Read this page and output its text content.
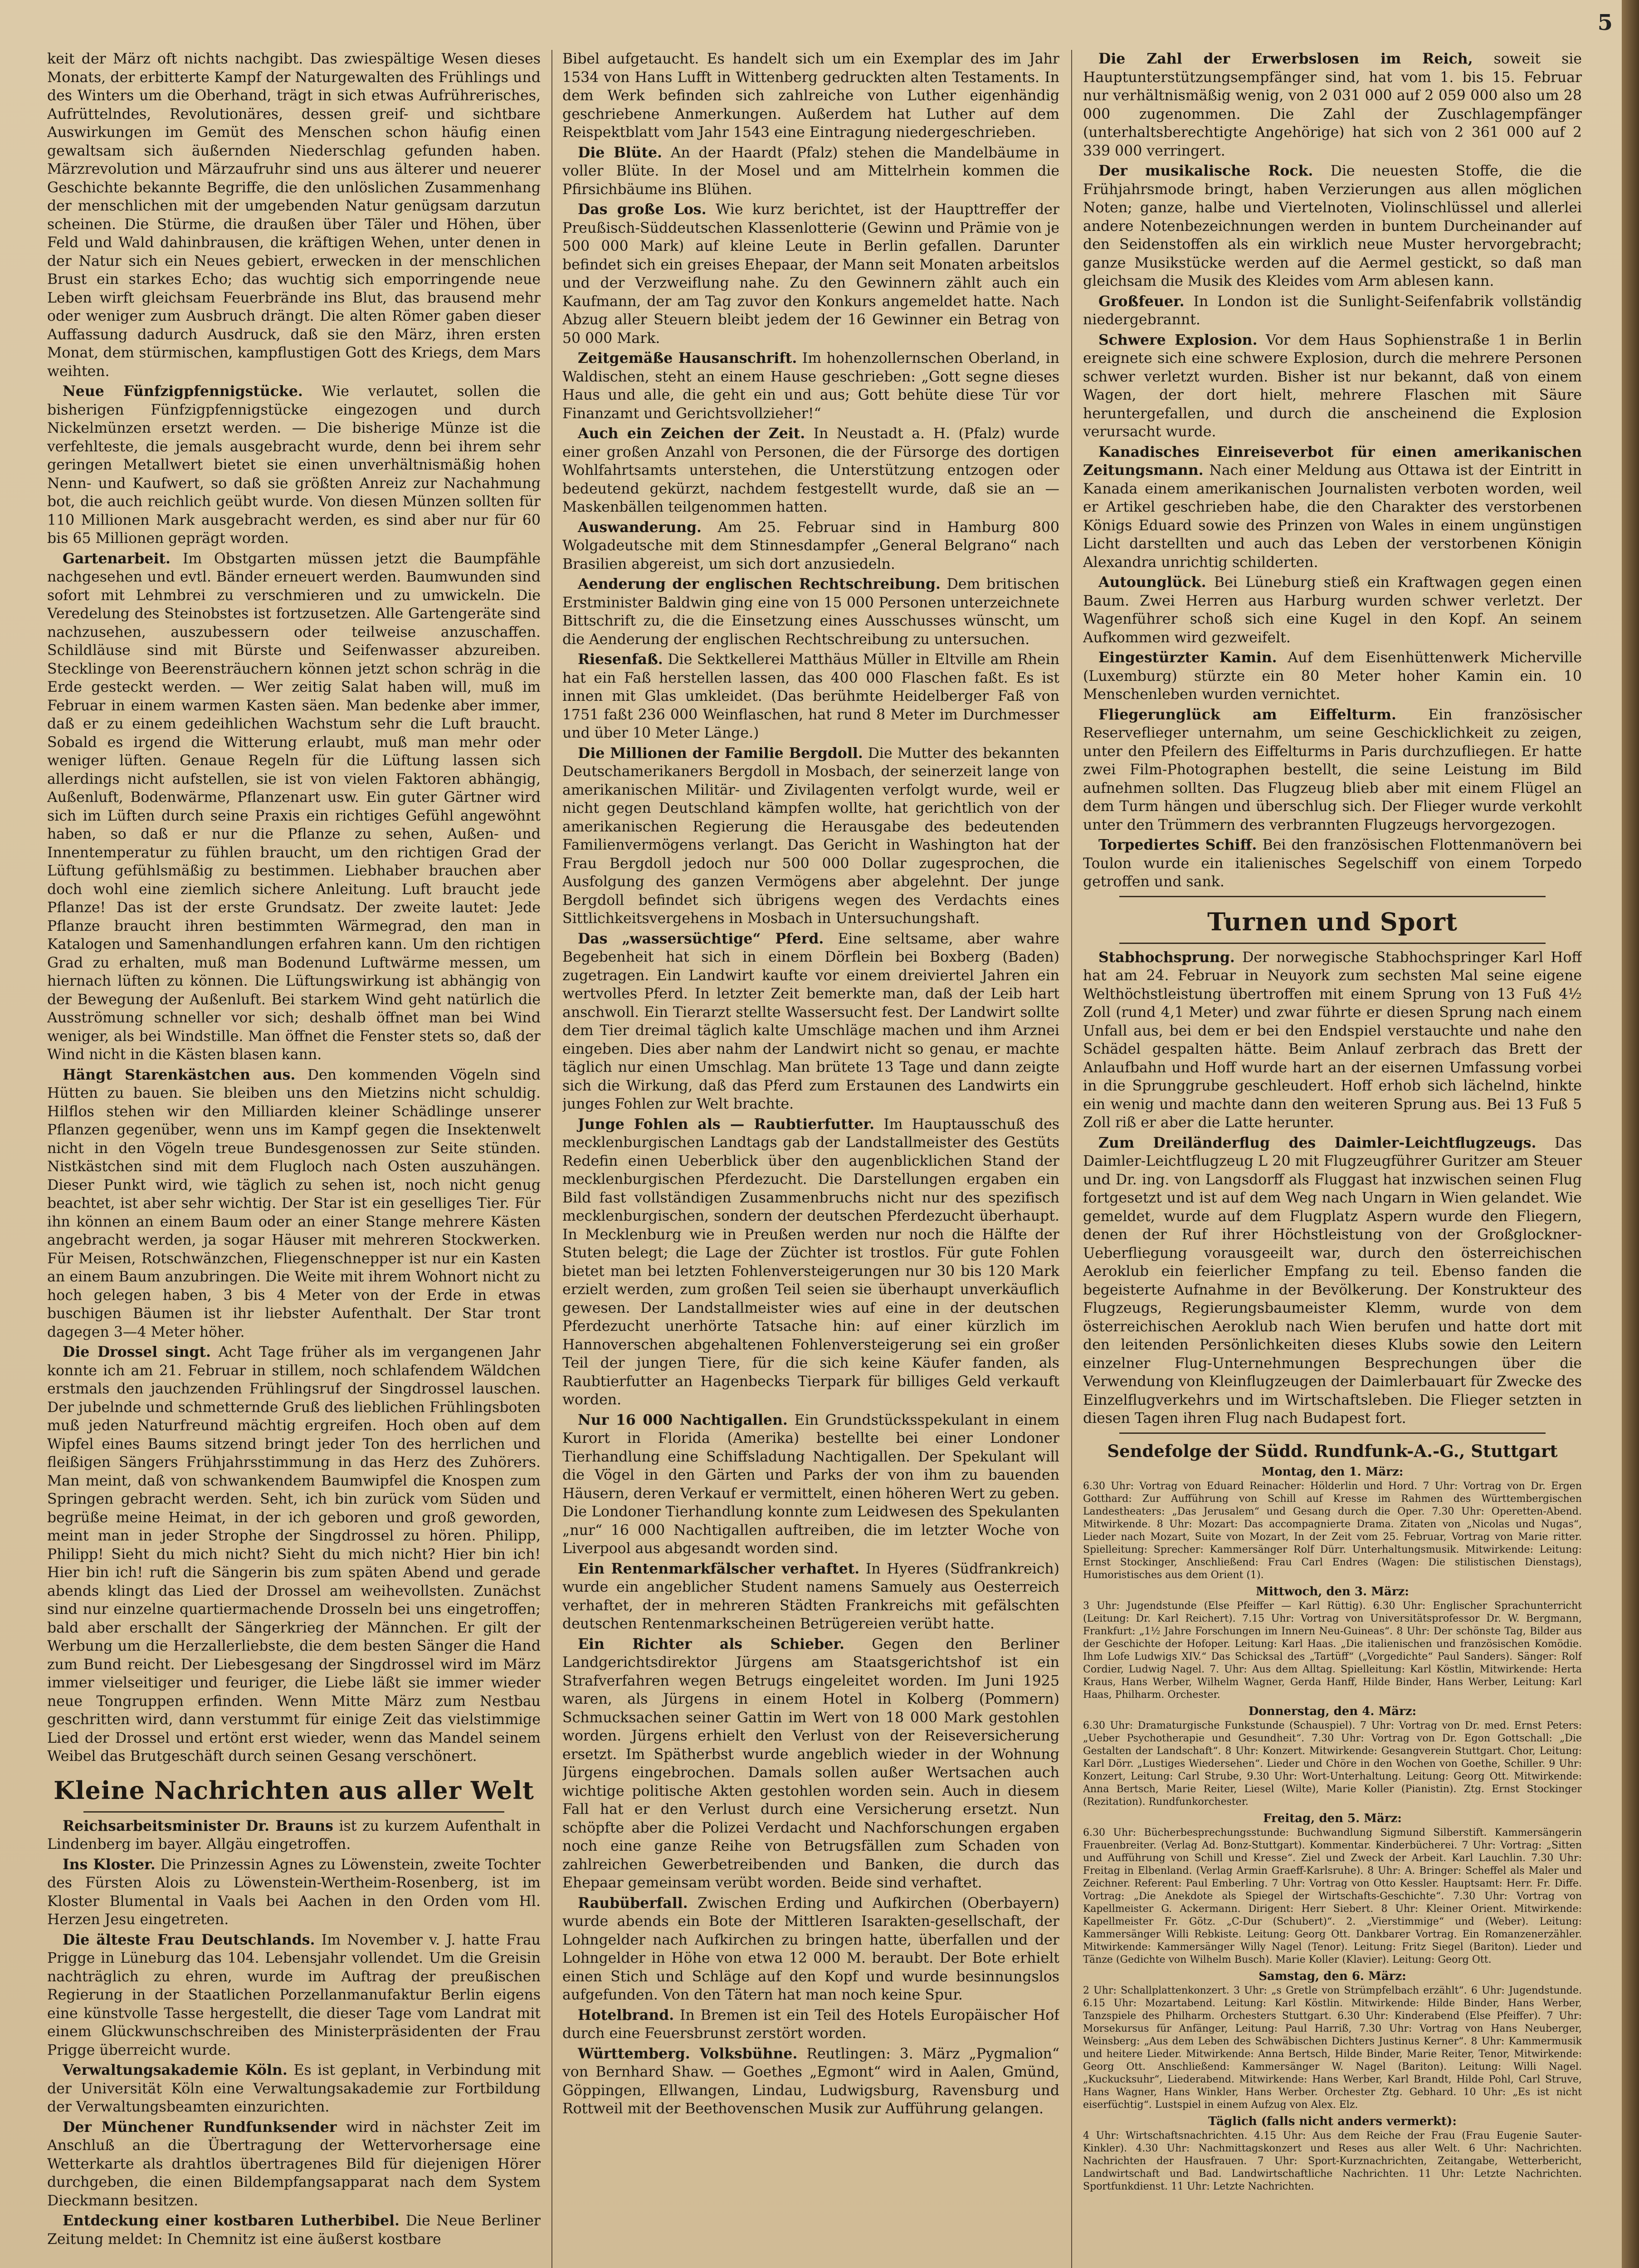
5

keit der März oft nichts nachgibt. Das zwiespältige Wesen dieses Monats, der erbitterte Kampf der Naturgewalten des Frühlings und des Winters um die Oberhand, trägt in sich etwas Aufrührerisches, Aufrüttelndes, Revolutionäres, dessen greif- und sichtbare Auswirkungen im Gemüt des Menschen schon häufig einen gewaltsam sich äußernden Niederschlag gefunden haben. Märzrevolution und Märzaufruhr sind uns aus älterer und neuerer Geschichte bekannte Begriffe, die den unlöslichen Zusammenhang der menschlichen mit der umgebenden Natur genügsam darzutun scheinen. Die Stürme, die draußen über Täler und Höhen, über Feld und Wald dahinbrausen, die kräftigen Wehen, unter denen in der Natur sich ein Neues gebiert, erwecken in der menschlichen Brust ein starkes Echo; das wuchtig sich emporringende neue Leben wirft gleichsam Feuerbrände ins Blut, das brausend mehr oder weniger zum Ausbruch drängt. Die alten Römer gaben dieser Auffassung dadurch Ausdruck, daß sie den März, ihren ersten Monat, dem stürmischen, kampflustigen Gott des Kriegs, dem Mars weihten.

Neue Fünfzigpfennigstücke. Wie verlautet, sollen die bisherigen Fünfzigpfennigstücke eingezogen und durch Nickelmünzen ersetzt werden. — Die bisherige Münze ist die verfehlteste, die jemals ausgebracht wurde, denn bei ihrem sehr geringen Metallwert bietet sie einen unverhältnismäßig hohen Nenn- und Kaufwert, so daß sie größten Anreiz zur Nachahmung bot, die auch reichlich geübt wurde. Von diesen Münzen sollten für 110 Millionen Mark ausgebracht werden, es sind aber nur für 60 bis 65 Millionen geprägt worden.

Gartenarbeit. Im Obstgarten müssen jetzt die Baumpfähle nachgesehen und evtl. Bänder erneuert werden. Baumwunden sind sofort mit Lehmbrei zu verschmieren und zu umwickeln. Die Veredelung des Steinobstes ist fortzusetzen. Alle Gartengeräte sind nachzusehen, auszubessern oder teilweise anzuschaffen. Schildläuse sind mit Bürste und Seifenwasser abzureiben. Stecklinge von Beerensträuchern können jetzt schon schräg in die Erde gesteckt werden. — Wer zeitig Salat haben will, muß im Februar in einem warmen Kasten säen. Man bedenke aber immer, daß er zu einem gedeihlichen Wachstum sehr die Luft braucht. Sobald es irgend die Witterung erlaubt, muß man mehr oder weniger lüften. Genaue Regeln für die Lüftung lassen sich allerdings nicht aufstellen, sie ist von vielen Faktoren abhängig, Außenluft, Bodenwärme, Pflanzenart usw. Ein guter Gärtner wird sich im Lüften durch seine Praxis ein richtiges Gefühl angewöhnt haben, so daß er nur die Pflanze zu sehen, Außen- und Innentemperatur zu fühlen braucht, um den richtigen Grad der Lüftung gefühlsmäßig zu bestimmen. Liebhaber brauchen aber doch wohl eine ziemlich sichere Anleitung. Luft braucht jede Pflanze! Das ist der erste Grundsatz. Der zweite lautet: Jede Pflanze braucht ihren bestimmten Wärmegrad, den man in Katalogen und Samenhandlungen erfahren kann. Um den richtigen Grad zu erhalten, muß man Bodenund Luftwärme messen, um hiernach lüften zu können. Die Lüftungswirkung ist abhängig von der Bewegung der Außenluft. Bei starkem Wind geht natürlich die Ausströmung schneller vor sich; deshalb öffnet man bei Wind weniger, als bei Windstille. Man öffnet die Fenster stets so, daß der Wind nicht in die Kästen blasen kann.

Hängt Starenkästchen aus. Den kommenden Vögeln sind Hütten zu bauen. Sie bleiben uns den Mietzins nicht schuldig. Hilflos stehen wir den Milliarden kleiner Schädlinge unserer Pflanzen gegenüber, wenn uns im Kampf gegen die Insektenwelt nicht in den Vögeln treue Bundesgenossen zur Seite stünden. Nistkästchen sind mit dem Flugloch nach Osten auszuhängen. Dieser Punkt wird, wie täglich zu sehen ist, noch nicht genug beachtet, ist aber sehr wichtig. Der Star ist ein geselliges Tier. Für ihn können an einem Baum oder an einer Stange mehrere Kästen angebracht werden, ja sogar Häuser mit mehreren Stockwerken. Für Meisen, Rotschwänzchen, Fliegenschnepper ist nur ein Kasten an einem Baum anzubringen. Die Weite mit ihrem Wohnort nicht zu hoch gelegen haben, 3 bis 4 Meter von der Erde in etwas buschigen Bäumen ist ihr liebster Aufenthalt. Der Star tront dagegen 3—4 Meter höher.

Die Drossel singt. Acht Tage früher als im vergangenen Jahr konnte ich am 21. Februar in stillem, noch schlafendem Wäldchen erstmals den jauchzenden Frühlingsruf der Singdrossel lauschen. Der jubelnde und schmetternde Gruß des lieblichen Frühlingsboten muß jeden Naturfreund mächtig ergreifen. Hoch oben auf dem Wipfel eines Baums sitzend bringt jeder Ton des herrlichen und fleißigen Sängers Frühjahrsstimmung in das Herz des Zuhörers. Man meint, daß von schwankendem Baumwipfel die Knospen zum Springen gebracht werden. Seht, ich bin zurück vom Süden und begrüße meine Heimat, in der ich geboren und groß geworden, meint man in jeder Strophe der Singdrossel zu hören. Philipp, Philipp! Sieht du mich nicht? Sieht du mich nicht? Hier bin ich! Hier bin ich! ruft die Sängerin bis zum späten Abend und gerade abends klingt das Lied der Drossel am weihevollsten. Zunächst sind nur einzelne quartiermachende Drosseln bei uns eingetroffen; bald aber erschallt der Sängerkrieg der Männchen. Er gilt der Werbung um die Herzallerliebste, die dem besten Sänger die Hand zum Bund reicht. Der Liebesgesang der Singdrossel wird im März immer vielseitiger und feuriger, die Liebe läßt sie immer wieder neue Tongruppen erfinden. Wenn Mitte März zum Nestbau geschritten wird, dann verstummt für einige Zeit das vielstimmige Lied der Drossel und ertönt erst wieder, wenn das Mandel seinem Weibel das Brutgeschäft durch seinen Gesang verschönert.

Kleine Nachrichten aus aller Welt

Reichsarbeitsminister Dr. Brauns ist zu kurzem Aufenthalt in Lindenberg im bayer. Allgäu eingetroffen.

Ins Kloster. Die Prinzessin Agnes zu Löwenstein, zweite Tochter des Fürsten Alois zu Löwenstein-Wertheim-Rosenberg, ist im Kloster Blumental in Vaals bei Aachen in den Orden vom Hl. Herzen Jesu eingetreten.

Die älteste Frau Deutschlands. Im November v. J. hatte Frau Prigge in Lüneburg das 104. Lebensjahr vollendet. Um die Greisin nachträglich zu ehren, wurde im Auftrag der preußischen Regierung in der Staatlichen Porzellanmanufaktur Berlin eigens eine künstvolle Tasse hergestellt, die dieser Tage vom Landrat mit einem Glückwunschschreiben des Ministerpräsidenten der Frau Prigge überreicht wurde.

Verwaltungsakademie Köln. Es ist geplant, in Verbindung mit der Universität Köln eine Verwaltungsakademie zur Fortbildung der Verwaltungsbeamten einzurichten.

Der Münchener Rundfunksender wird in nächster Zeit im Anschluß an die Übertragung der Wettervorhersage eine Wetterkarte als drahtlos übertragenes Bild für diejenigen Hörer durchgeben, die einen Bildempfangsapparat nach dem System Dieckmann besitzen.

Entdeckung einer kostbaren Lutherbibel. Die Neue Berliner Zeitung meldet: In Chemnitz ist eine äußerst kostbare

Bibel aufgetaucht. Es handelt sich um ein Exemplar des im Jahr 1534 von Hans Lufft in Wittenberg gedruckten alten Testaments. In dem Werk befinden sich zahlreiche von Luther eigenhändig geschriebene Anmerkungen. Außerdem hat Luther auf dem Reispektblatt vom Jahr 1543 eine Eintragung niedergeschrieben.

Die Blüte. An der Haardt (Pfalz) stehen die Mandelbäume in voller Blüte. In der Mosel und am Mittelrhein kommen die Pfirsichbäume ins Blühen.

Das große Los. Wie kurz berichtet, ist der Haupttreffer der Preußisch-Süddeutschen Klassenlotterie (Gewinn und Prämie von je 500 000 Mark) auf kleine Leute in Berlin gefallen. Darunter befindet sich ein greises Ehepaar, der Mann seit Monaten arbeitslos und der Verzweiflung nahe. Zu den Gewinnern zählt auch ein Kaufmann, der am Tag zuvor den Konkurs angemeldet hatte. Nach Abzug aller Steuern bleibt jedem der 16 Gewinner ein Betrag von 50 000 Mark.

Zeitgemäße Hausanschrift. Im hohenzollernschen Oberland, in Waldischen, steht an einem Hause geschrieben: „Gott segne dieses Haus und alle, die geht ein und aus; Gott behüte diese Tür vor Finanzamt und Gerichtsvollzieher!“

Auch ein Zeichen der Zeit. In Neustadt a. H. (Pfalz) wurde einer großen Anzahl von Personen, die der Fürsorge des dortigen Wohlfahrtsamts unterstehen, die Unterstützung entzogen oder bedeutend gekürzt, nachdem festgestellt wurde, daß sie an — Maskenbällen teilgenommen hatten.

Auswanderung. Am 25. Februar sind in Hamburg 800 Wolgadeutsche mit dem Stinnesdampfer „General Belgrano“ nach Brasilien abgereist, um sich dort anzusiedeln.

Aenderung der englischen Rechtschreibung. Dem britischen Erstminister Baldwin ging eine von 15 000 Personen unterzeichnete Bittschrift zu, die die Einsetzung eines Ausschusses wünscht, um die Aenderung der englischen Rechtschreibung zu untersuchen.

Riesenfaß. Die Sektkellerei Matthäus Müller in Eltville am Rhein hat ein Faß herstellen lassen, das 400 000 Flaschen faßt. Es ist innen mit Glas umkleidet. (Das berühmte Heidelberger Faß von 1751 faßt 236 000 Weinflaschen, hat rund 8 Meter im Durchmesser und über 10 Meter Länge.)

Die Millionen der Familie Bergdoll. Die Mutter des bekannten Deutschamerikaners Bergdoll in Mosbach, der seinerzeit lange von amerikanischen Militär- und Zivilagenten verfolgt wurde, weil er nicht gegen Deutschland kämpfen wollte, hat gerichtlich von der amerikanischen Regierung die Herausgabe des bedeutenden Familienvermögens verlangt. Das Gericht in Washington hat der Frau Bergdoll jedoch nur 500 000 Dollar zugesprochen, die Ausfolgung des ganzen Vermögens aber abgelehnt. Der junge Bergdoll befindet sich übrigens wegen des Verdachts eines Sittlichkeitsvergehens in Mosbach in Untersuchungshaft.

Das „wassersüchtige“ Pferd. Eine seltsame, aber wahre Begebenheit hat sich in einem Dörflein bei Boxberg (Baden) zugetragen. Ein Landwirt kaufte vor einem dreiviertel Jahren ein wertvolles Pferd. In letzter Zeit bemerkte man, daß der Leib hart anschwoll. Ein Tierarzt stellte Wassersucht fest. Der Landwirt sollte dem Tier dreimal täglich kalte Umschläge machen und ihm Arznei eingeben. Dies aber nahm der Landwirt nicht so genau, er machte täglich nur einen Umschlag. Man brütete 13 Tage und dann zeigte sich die Wirkung, daß das Pferd zum Erstaunen des Landwirts ein junges Fohlen zur Welt brachte.

Junge Fohlen als — Raubtierfutter. Im Hauptausschuß des mecklenburgischen Landtags gab der Landstallmeister des Gestüts Redefin einen Ueberblick über den augenblicklichen Stand der mecklenburgischen Pferdezucht. Die Darstellungen ergaben ein Bild fast vollständigen Zusammenbruchs nicht nur des spezifisch mecklenburgischen, sondern der deutschen Pferdezucht überhaupt. In Mecklenburg wie in Preußen werden nur noch die Hälfte der Stuten belegt; die Lage der Züchter ist trostlos. Für gute Fohlen bietet man bei letzten Fohlenversteigerungen nur 30 bis 120 Mark erzielt werden, zum großen Teil seien sie überhaupt unverkäuflich gewesen. Der Landstallmeister wies auf eine in der deutschen Pferdezucht unerhörte Tatsache hin: auf einer kürzlich im Hannoverschen abgehaltenen Fohlenversteigerung sei ein großer Teil der jungen Tiere, für die sich keine Käufer fanden, als Raubtierfutter an Hagenbecks Tierpark für billiges Geld verkauft worden.

Nur 16 000 Nachtigallen. Ein Grundstücksspekulant in einem Kurort in Florida (Amerika) bestellte bei einer Londoner Tierhandlung eine Schiffsladung Nachtigallen. Der Spekulant will die Vögel in den Gärten und Parks der von ihm zu bauenden Häusern, deren Verkauf er vermittelt, einen höheren Wert zu geben. Die Londoner Tierhandlung konnte zum Leidwesen des Spekulanten „nur“ 16 000 Nachtigallen auftreiben, die im letzter Woche von Liverpool aus abgesandt worden sind.

Ein Rentenmarkfälscher verhaftet. In Hyeres (Südfrankreich) wurde ein angeblicher Student namens Samuely aus Oesterreich verhaftet, der in mehreren Städten Frankreichs mit gefälschten deutschen Rentenmarkscheinen Betrügereien verübt hatte.

Ein Richter als Schieber. Gegen den Berliner Landgerichtsdirektor Jürgens am Staatsgerichtshof ist ein Strafverfahren wegen Betrugs eingeleitet worden. Im Juni 1925 waren, als Jürgens in einem Hotel in Kolberg (Pommern) Schmucksachen seiner Gattin im Wert von 18 000 Mark gestohlen worden. Jürgens erhielt den Verlust von der Reiseversicherung ersetzt. Im Spätherbst wurde angeblich wieder in der Wohnung Jürgens eingebrochen. Damals sollen außer Wertsachen auch wichtige politische Akten gestohlen worden sein. Auch in diesem Fall hat er den Verlust durch eine Versicherung ersetzt. Nun schöpfte aber die Polizei Verdacht und Nachforschungen ergaben noch eine ganze Reihe von Betrugsfällen zum Schaden von zahlreichen Gewerbetreibenden und Banken, die durch das Ehepaar gemeinsam verübt worden. Beide sind verhaftet.

Raubüberfall. Zwischen Erding und Aufkirchen (Oberbayern) wurde abends ein Bote der Mittleren Isarakten-gesellschaft, der Lohngelder nach Aufkirchen zu bringen hatte, überfallen und der Lohngelder in Höhe von etwa 12 000 M. beraubt. Der Bote erhielt einen Stich und Schläge auf den Kopf und wurde besinnungslos aufgefunden. Von den Tätern hat man noch keine Spur.

Hotelbrand. In Bremen ist ein Teil des Hotels Europäischer Hof durch eine Feuersbrunst zerstört worden.

Württemberg. Volksbühne. Reutlingen: 3. März „Pygmalion“ von Bernhard Shaw. — Goethes „Egmont“ wird in Aalen, Gmünd, Göppingen, Ellwangen, Lindau, Ludwigsburg, Ravensburg und Rottweil mit der Beethovenschen Musik zur Aufführung gelangen.

Die Zahl der Erwerbslosen im Reich, soweit sie Hauptunterstützungsempfänger sind, hat vom 1. bis 15. Februar nur verhältnismäßig wenig, von 2 031 000 auf 2 059 000 also um 28 000 zugenommen. Die Zahl der Zuschlagempfänger (unterhaltsberechtigte Angehörige) hat sich von 2 361 000 auf 2 339 000 verringert.

Der musikalische Rock. Die neuesten Stoffe, die die Frühjahrsmode bringt, haben Verzierungen aus allen möglichen Noten; ganze, halbe und Viertelnoten, Violinschlüssel und allerlei andere Notenbezeichnungen werden in buntem Durcheinander auf den Seidenstoffen als ein wirklich neue Muster hervorgebracht; ganze Musikstücke werden auf die Aermel gestickt, so daß man gleichsam die Musik des Kleides vom Arm ablesen kann.

Großfeuer. In London ist die Sunlight-Seifenfabrik vollständig niedergebrannt.

Schwere Explosion. Vor dem Haus Sophienstraße 1 in Berlin ereignete sich eine schwere Explosion, durch die mehrere Personen schwer verletzt wurden. Bisher ist nur bekannt, daß von einem Wagen, der dort hielt, mehrere Flaschen mit Säure heruntergefallen, und durch die anscheinend die Explosion verursacht wurde.

Kanadisches Einreiseverbot für einen amerikanischen Zeitungsmann. Nach einer Meldung aus Ottawa ist der Eintritt in Kanada einem amerikanischen Journalisten verboten worden, weil er Artikel geschrieben habe, die den Charakter des verstorbenen Königs Eduard sowie des Prinzen von Wales in einem ungünstigen Licht darstellten und auch das Leben der verstorbenen Königin Alexandra unrichtig schilderten.

Autounglück. Bei Lüneburg stieß ein Kraftwagen gegen einen Baum. Zwei Herren aus Harburg wurden schwer verletzt. Der Wagenführer schoß sich eine Kugel in den Kopf. An seinem Aufkommen wird gezweifelt.

Eingestürzter Kamin. Auf dem Eisenhüttenwerk Micherville (Luxemburg) stürzte ein 80 Meter hoher Kamin ein. 10 Menschenleben wurden vernichtet.

Fliegerunglück am Eiffelturm. Ein französischer Reserveflieger unternahm, um seine Geschicklichkeit zu zeigen, unter den Pfeilern des Eiffelturms in Paris durchzufliegen. Er hatte zwei Film-Photographen bestellt, die seine Leistung im Bild aufnehmen sollten. Das Flugzeug blieb aber mit einem Flügel an dem Turm hängen und überschlug sich. Der Flieger wurde verkohlt unter den Trümmern des verbrannten Flugzeugs hervorgezogen.

Torpediertes Schiff. Bei den französischen Flottenmanövern bei Toulon wurde ein italienisches Segelschiff von einem Torpedo getroffen und sank.

Turnen und Sport

Stabhochsprung. Der norwegische Stabhochspringer Karl Hoff hat am 24. Februar in Neuyork zum sechsten Mal seine eigene Welthöchstleistung übertroffen mit einem Sprung von 13 Fuß 4½ Zoll (rund 4,1 Meter) und zwar führte er diesen Sprung nach einem Unfall aus, bei dem er bei den Endspiel verstauchte und nahe den Schädel gespalten hätte. Beim Anlauf zerbrach das Brett der Anlaufbahn und Hoff wurde hart an der eisernen Umfassung vorbei in die Sprunggrube geschleudert. Hoff erhob sich lächelnd, hinkte ein wenig und machte dann den weiteren Sprung aus. Bei 13 Fuß 5 Zoll riß er aber die Latte herunter.

Zum Dreiländerflug des Daimler-Leichtflugzeugs. Das Daimler-Leichtflugzeug L 20 mit Flugzeugführer Guritzer am Steuer und Dr. ing. von Langsdorff als Fluggast hat inzwischen seinen Flug fortgesetzt und ist auf dem Weg nach Ungarn in Wien gelandet. Wie gemeldet, wurde auf dem Flugplatz Aspern wurde den Fliegern, denen der Ruf ihrer Höchstleistung von der Großglockner-Ueberfliegung vorausgeeilt war, durch den österreichischen Aeroklub ein feierlicher Empfang zu teil. Ebenso fanden die begeisterte Aufnahme in der Bevölkerung. Der Konstrukteur des Flugzeugs, Regierungsbaumeister Klemm, wurde von dem österreichischen Aeroklub nach Wien berufen und hatte dort mit den leitenden Persönlichkeiten dieses Klubs sowie den Leitern einzelner Flug-Unternehmungen Besprechungen über die Verwendung von Kleinflugzeugen der Daimlerbauart für Zwecke des Einzelflugverkehrs und im Wirtschaftsleben. Die Flieger setzten in diesen Tagen ihren Flug nach Budapest fort.

Sendefolge der Südd. Rundfunk-A.-G., Stuttgart
Montag, den 1. März:

6.30 Uhr: Vortrag von Eduard Reinacher: Hölderlin und Hord. 7 Uhr: Vortrag von Dr. Ergen Gotthard: Zur Aufführung von Schill auf Kresse im Rahmen des Württembergischen Landestheaters: „Das Jerusalem“ und Gesang durch die Oper. 7.30 Uhr: Operetten-Abend. Mitwirkende. 8 Uhr: Mozart: Das accompagnierte Drama. Zitaten von „Nicolas und Nugas“, Lieder nach Mozart, Suite von Mozart, In der Zeit vom 25. Februar, Vortrag von Marie ritter. Spielleitung: Sprecher: Kammersänger Rolf Dürr. Unterhaltungsmusik. Mitwirkende: Leitung: Ernst Stockinger, Anschließend: Frau Carl Endres (Wagen: Die stilistischen Dienstags), Humoristisches aus dem Orient (1).

Mittwoch, den 3. März:

3 Uhr: Jugendstunde (Else Pfeiffer — Karl Rüttig). 6.30 Uhr: Englischer Sprachunterricht (Leitung: Dr. Karl Reichert). 7.15 Uhr: Vortrag von Universitätsprofessor Dr. W. Bergmann, Frankfurt: „1½ Jahre Forschungen im Innern Neu-Guineas“. 8 Uhr: Der schönste Tag, Bilder aus der Geschichte der Hofoper. Leitung: Karl Haas. „Die italienischen und französischen Komödie. Ihm Lofe Ludwigs XIV.“ Das Schicksal des „Tartüff“ („Vorgedichte“ Paul Sanders). Sänger: Rolf Cordier, Ludwig Nagel. 7. Uhr: Aus dem Alltag. Spielleitung: Karl Köstlin, Mitwirkende: Herta Kraus, Hans Werber, Wilhelm Wagner, Gerda Hanff, Hilde Binder, Hans Werber, Leitung: Karl Haas, Philharm. Orchester.

Donnerstag, den 4. März:

6.30 Uhr: Dramaturgische Funkstunde (Schauspiel). 7 Uhr: Vortrag von Dr. med. Ernst Peters: „Ueber Psychotherapie und Gesundheit“. 7.30 Uhr: Vortrag von Dr. Egon Gottschall: „Die Gestalten der Landschaft“. 8 Uhr: Konzert. Mitwirkende: Gesangverein Stuttgart. Chor, Leitung: Karl Dörr. „Lustiges Wiedersehen“. Lieder und Chöre in den Wochen von Goethe, Schiller. 9 Uhr: Konzert, Leitung: Carl Strube, 9.30 Uhr: Wort-Unterhaltung. Leitung: Georg Ott. Mitwirkende: Anna Bertsch, Marie Reiter, Liesel (Wilte), Marie Koller (Pianistin). Ztg. Ernst Stockinger (Rezitation). Rundfunkorchester.

Freitag, den 5. März:

6.30 Uhr: Bücherbesprechungsstunde: Buchwandlung Sigmund Silberstift. Kammersängerin Frauenbreiter. (Verlag Ad. Bonz-Stuttgart). Kommentar. Kinderbücherei. 7 Uhr: Vortrag: „Sitten und Aufführung von Schill und Kresse“. Ziel und Zweck der Arbeit. Karl Lauchlin. 7.30 Uhr: Freitag in Elbenland. (Verlag Armin Graeff-Karlsruhe). 8 Uhr: A. Bringer: Scheffel als Maler und Zeichner. Referent: Paul Emberling. 7 Uhr: Vortrag von Otto Kessler. Hauptsamt: Herr. Fr. Diffe. Vortrag: „Die Anekdote als Spiegel der Wirtschafts-Geschichte“. 7.30 Uhr: Vortrag von Kapellmeister G. Ackermann. Dirigent: Herr Siebert. 8 Uhr: Kleiner Orient. Mitwirkende: Kapellmeister Fr. Götz. „C-Dur (Schubert)“. 2. „Vierstimmige“ und (Weber). Leitung: Kammersänger Willi Rebkiste. Leitung: Georg Ott. Dankbarer Vortrag. Ein Romanzenerzähler. Mitwirkende: Kammersänger Willy Nagel (Tenor). Leitung: Fritz Siegel (Bariton). Lieder und Tänze (Gedichte von Wilhelm Busch). Marie Koller (Klavier). Leitung: Georg Ott.

Samstag, den 6. März:

2 Uhr: Schallplattenkonzert. 3 Uhr: „s Gretle von Strümpfelbach erzählt“. 6 Uhr: Jugendstunde. 6.15 Uhr: Mozartabend. Leitung: Karl Köstlin. Mitwirkende: Hilde Binder, Hans Werber, Tanzspiele des Philharm. Orchesters Stuttgart. 6.30 Uhr: Kinderabend (Else Pfeiffer). 7 Uhr: Morsekursus für Anfänger, Leitung: Paul Harriß, 7.30 Uhr: Vortrag von Hans Neuberger, Weinsberg: „Aus dem Leben des Schwäbischen Dichters Justinus Kerner“. 8 Uhr: Kammermusik und heitere Lieder. Mitwirkende: Anna Bertsch, Hilde Binder, Marie Reiter, Tenor, Mitwirkende: Georg Ott. Anschließend: Kammersänger W. Nagel (Bariton). Leitung: Willi Nagel. „Kuckucksuhr“, Liederabend. Mitwirkende: Hans Werber, Karl Brandt, Hilde Pohl, Carl Struve, Hans Wagner, Hans Winkler, Hans Werber. Orchester Ztg. Gebhard. 10 Uhr: „Es ist nicht eiserfüchtig“. Lustspiel in einem Aufzug von Alex. Elz.

Täglich (falls nicht anders vermerkt):

4 Uhr: Wirtschaftsnachrichten. 4.15 Uhr: Aus dem Reiche der Frau (Frau Eugenie Sauter-Kinkler). 4.30 Uhr: Nachmittagskonzert und Reses aus aller Welt. 6 Uhr: Nachrichten. Nachrichten der Hausfrauen. 7 Uhr: Sport-Kurznachrichten, Zeitangabe, Wetterbericht, Landwirtschaft und Bad. Landwirtschaftliche Nachrichten. 11 Uhr: Letzte Nachrichten. Sportfunkdienst. 11 Uhr: Letzte Nachrichten.
